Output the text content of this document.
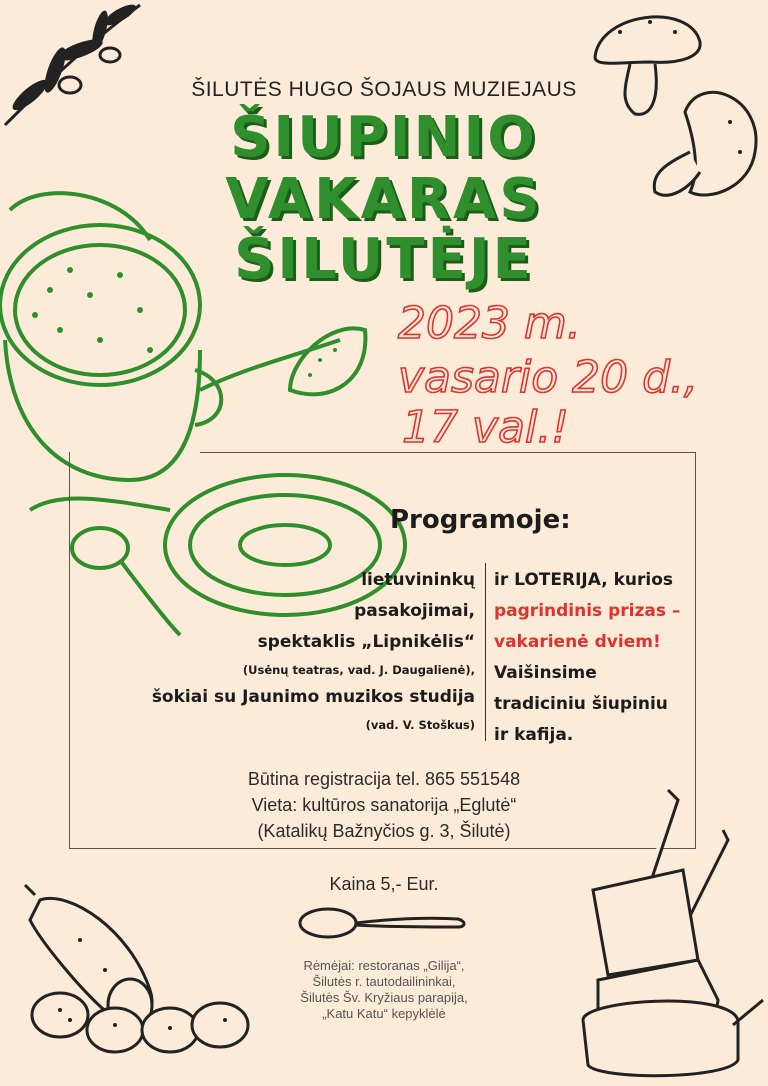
ŠILUTĖS HUGO ŠOJAUS MUZIEJAUS
ŠIUPINIO
VAKARAS
ŠILUTĖJE
2023 m.
vasario 20 d.,
17 val.!
Programoje:
lietuvininkų
pasakojimai,
spektaklis „Lipnikėlis“
(Usėnų teatras, vad. J. Daugalienė),
šokiai su Jaunimo muzikos studija
(vad. V. Stoškus)
ir LOTERIJA, kurios
pagrindinis prizas –
vakarienė dviem!
Vaišinsime
tradiciniu šiupiniu
ir kafija.
Būtina registracija tel. 865 551548
Vieta: kultūros sanatorija „Eglutė“
(Katalikų Bažnyčios g. 3, Šilutė)
Kaina 5,- Eur.
Rėmėjai: restoranas „Gilija“,
Šilutės r. tautodailininkai,
Šilutės Šv. Kryžiaus parapija,
„Katu Katu“ kepyklėlė
